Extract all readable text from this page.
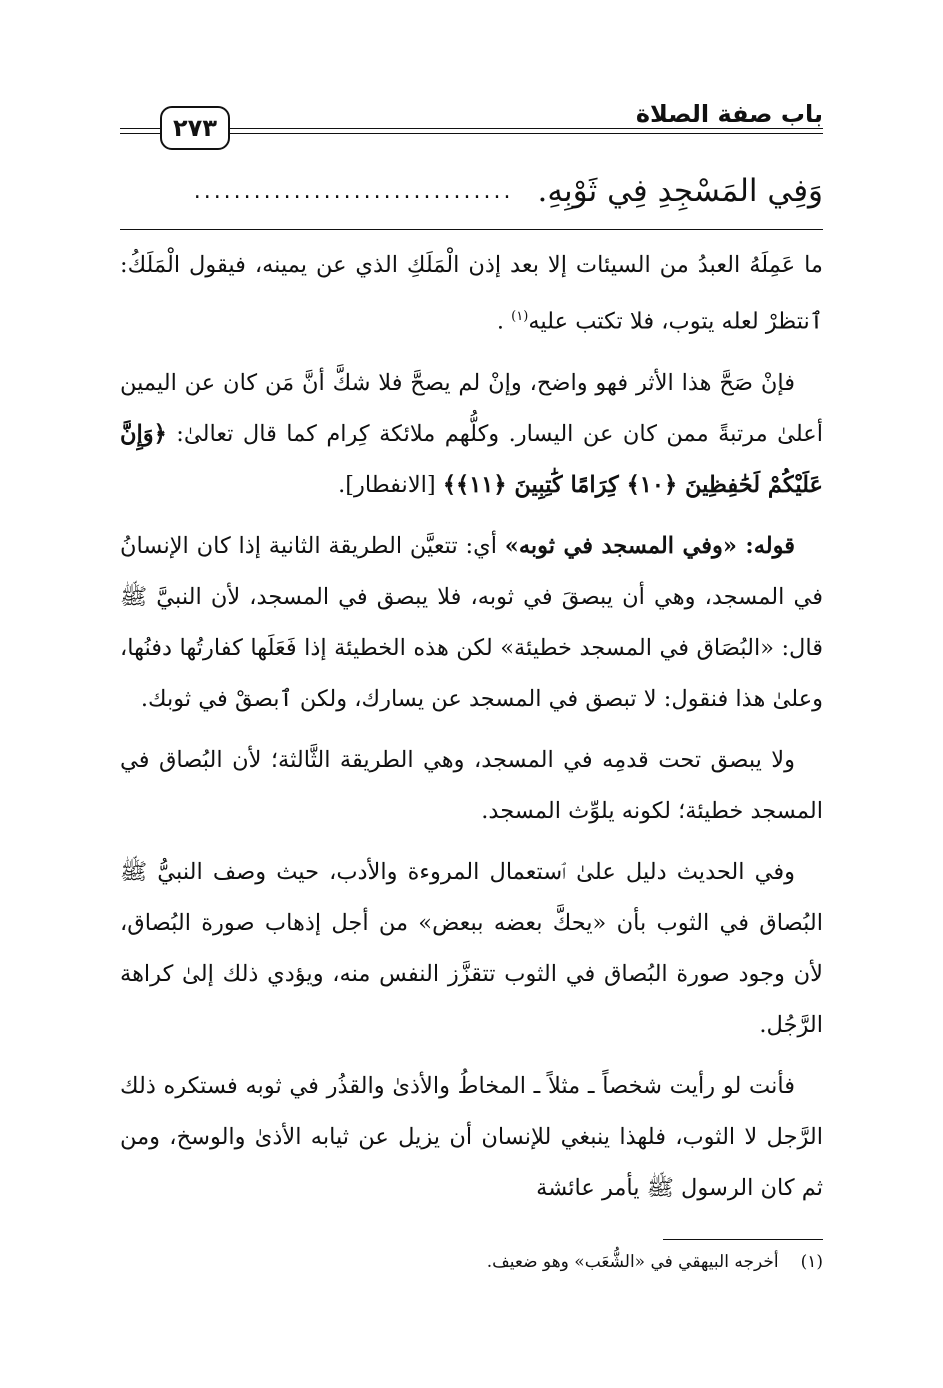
باب صفة الصلاة
٢٧٣
وَفِي المَسْجِدِ فِي ثَوْبِهِ.
................................

ما عَمِلَهُ العبدُ من السيئات إلا بعد إذن الْمَلَكِ الذي عن يمينه، فيقول الْمَلَكُ: ٱنتظرْ لعله يتوب، فلا تكتب عليه$^{(١)}$ .

فإنْ صَحَّ هذا الأثر فهو واضح، وإنْ لم يصحَّ فلا شكَّ أنَّ مَن كان عن اليمين أعلىٰ مرتبةً ممن كان عن اليسار. وكلُّهم ملائكة كِرام كما قال تعالىٰ: ﴿وَإِنَّ عَلَيْكُمْ لَحَٰفِظِينَ ﴿١٠﴾ كِرَامًا كَٰتِبِينَ ﴿١١﴾﴾ [الانفطار].

قوله: «وفي المسجد في ثوبه» أي: تتعيَّن الطريقة الثانية إذا كان الإنسانُ في المسجد، وهي أن يبصقَ في ثوبه، فلا يبصق في المسجد، لأن النبيَّ ﷺ قال: «البُصَاق في المسجد خطيئة» لكن هذه الخطيئة إذا فَعَلَها كفارتُها دفنُها، وعلىٰ هذا فنقول: لا تبصق في المسجد عن يسارك، ولكن ٱبصقْ في ثوبك.

ولا يبصق تحت قدمِه في المسجد، وهي الطريقة الثَّالثة؛ لأن البُصاق في المسجد خطيئة؛ لكونه يلوِّث المسجد.

وفي الحديث دليل علىٰ ٱستعمال المروءة والأدب، حيث وصف النبيُّ ﷺ البُصاق في الثوب بأن «يحكَّ بعضه ببعض» من أجل إذهاب صورة البُصاق، لأن وجود صورة البُصاق في الثوب تتقزَّز النفس منه، ويؤدي ذلك إلىٰ كراهة الرَّجُل.

فأنت لو رأيت شخصاً ـ مثلاً ـ المخاطُ والأذىٰ والقذُر في ثوبه فستكره ذلك الرَّجل لا الثوب، فلهذا ينبغي للإنسان أن يزيل عن ثيابه الأذىٰ والوسخ، ومن ثم كان الرسول ﷺ يأمر عائشة

(١)
أخرجه البيهقي في «الشُّعَب» وهو ضعيف.
